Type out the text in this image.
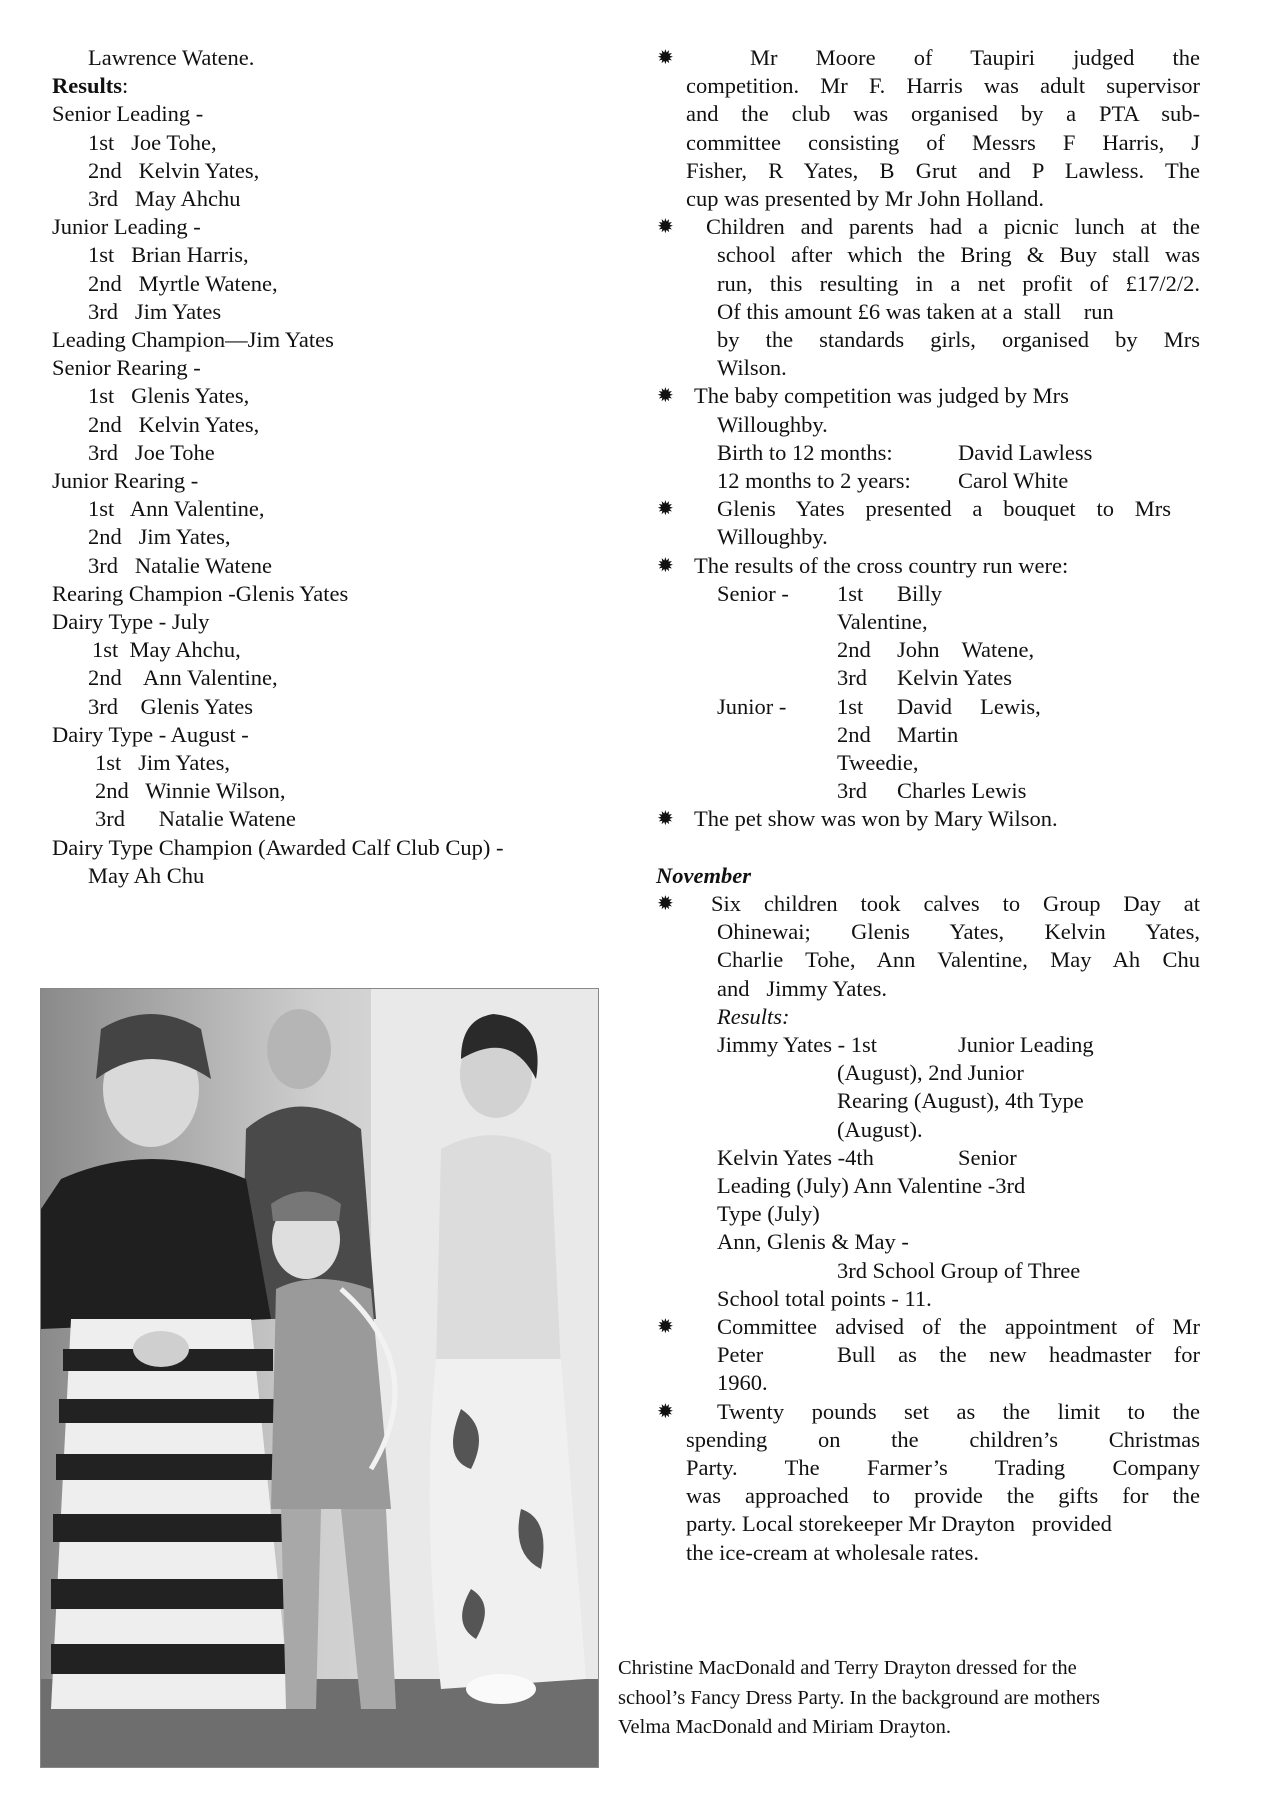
Lawrence Watene.
Results:
Senior Leading -
1st   Joe Tohe,
2nd   Kelvin Yates,
3rd   May Ahchu
Junior Leading -
1st   Brian Harris,
2nd   Myrtle Watene,
3rd   Jim Yates
Leading Champion—Jim Yates
Senior Rearing -
1st   Glenis Yates,
2nd   Kelvin Yates,
3rd   Joe Tohe
Junior Rearing -
1st   Ann Valentine,
2nd   Jim Yates,
3rd   Natalie Watene
Rearing Champion -Glenis Yates
Dairy Type - July
1st  May Ahchu,
2nd    Ann Valentine,
3rd    Glenis Yates
Dairy Type - August -
1st   Jim Yates,
2nd   Winnie Wilson,
3rd      Natalie Watene
Dairy Type Champion (Awarded Calf Club Cup) -
May Ah Chu
✹	Mr Moore of Taupiri judged the
competition. Mr F. Harris was adult supervisor
and the club was organised by a PTA sub-
committee consisting of Messrs F Harris, J
Fisher, R Yates, B Grut and P Lawless. The
cup was presented by Mr John Holland.
✹ Children and parents had a picnic lunch at the
school after which the Bring & Buy stall was
run, this resulting in a net profit of £17/2/2.
Of this amount £6 was taken at a  stall    run
by the standards girls, organised by Mrs
Wilson.
✹ The baby competition was judged by Mrs
Willoughby.
Birth to 12 months:	David Lawless
12 months to 2 years: Carol White
✹ Glenis Yates presented a bouquet to Mrs
Willoughby.
✹ The results of the cross country run were:
Senior - 1st Billy
Valentine,
2nd John    Watene,
3rd Kelvin Yates
Junior - 1st David     Lewis,
2nd Martin
Tweedie,
3rd Charles Lewis
✹ The pet show was won by Mary Wilson.
November
✹ Six children took calves to Group Day at
Ohinewai; Glenis Yates, Kelvin Yates,
Charlie Tohe, Ann Valentine, May Ah Chu
and   Jimmy Yates.
Results:
Jimmy Yates - 1st	Junior Leading
(August), 2nd Junior
Rearing (August), 4th Type
(August).
Kelvin Yates -4th	Senior
Leading (July) Ann Valentine -3rd
Type (July)
Ann, Glenis & May -
3rd School Group of Three
School total points - 11.
✹ Committee advised of the appointment of Mr
Peter	Bull as the new headmaster for
1960.
✹ Twenty pounds set as the limit to the
spending on the children’s Christmas
Party. The Farmer’s Trading Company
was approached to provide the gifts for the
party. Local storekeeper Mr Drayton   provided
the ice-cream at wholesale rates.
Christine MacDonald and Terry Drayton dressed for the
school’s Fancy Dress Party. In the background are mothers
Velma MacDonald and Miriam Drayton.
